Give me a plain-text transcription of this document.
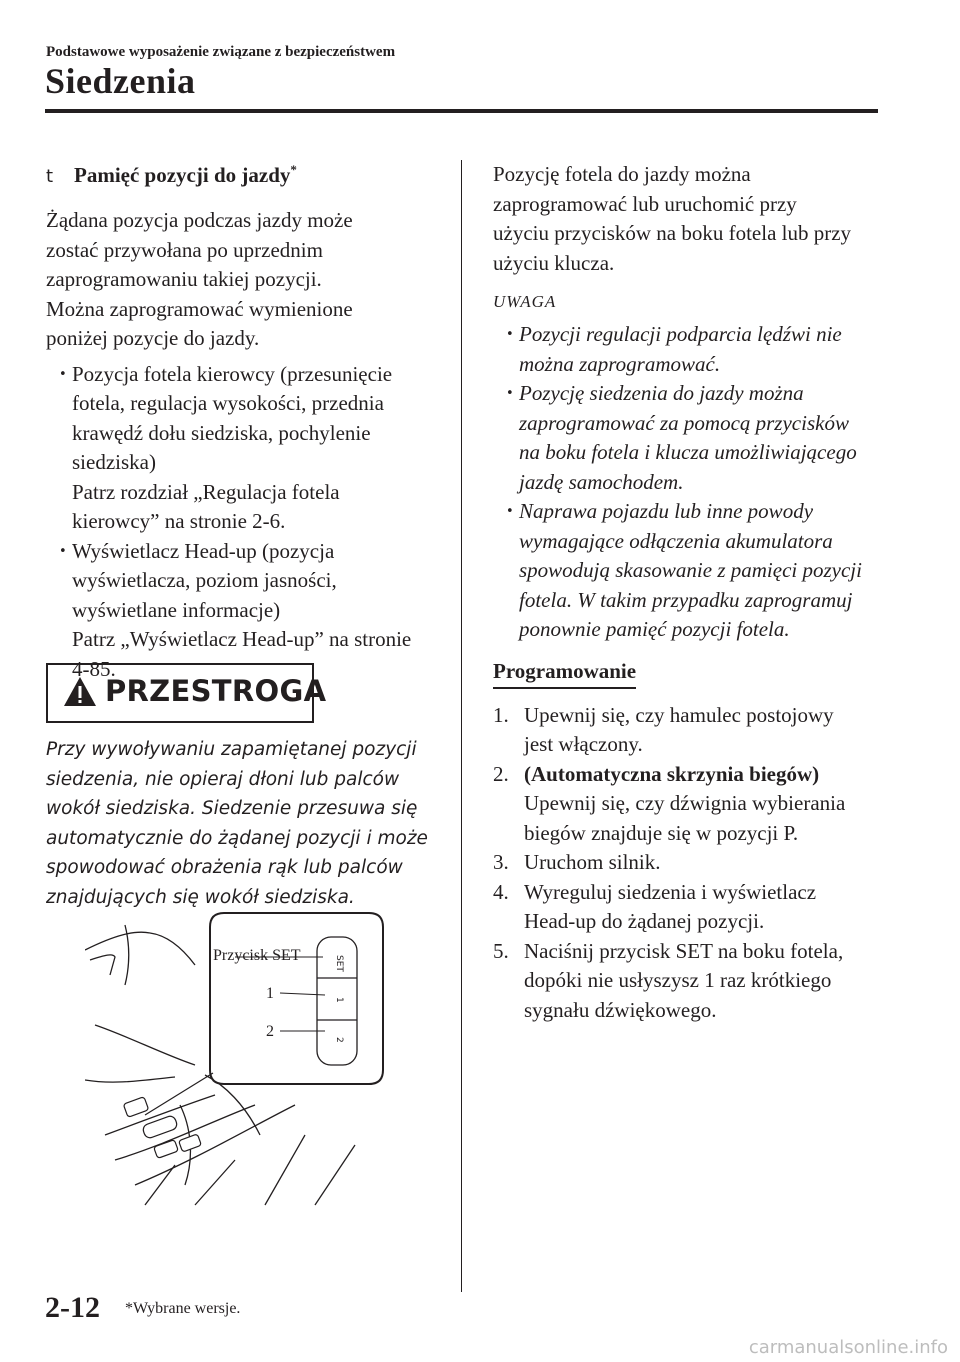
Podstawowe wyposażenie związane z bezpieczeństwem
Siedzenia
t Pamięć pozycji do jazdy*

Żądana pozycja podczas jazdy może

zostać przywołana po uprzednim

zaprogramowaniu takiej pozycji.

Można zaprogramować wymienione

poniżej pozycje do jazdy.

• Pozycja fotela kierowcy (przesunięcie
fotela, regulacja wysokości, przednia
krawędź dołu siedziska, pochylenie
siedziska)
Patrz rozdział „Regulacja fotela
kierowcy” na stronie 2-6.
• Wyświetlacz Head-up (pozycja
wyświetlacza, poziom jasności,
wyświetlane informacje)
Patrz „Wyświetlacz Head-up” na stronie
4-85.
PRZESTROGA
Przy wywoływaniu zapamiętanej pozycji
siedzenia, nie opieraj dłoni lub palców
wokół siedziska. Siedzenie przesuwa się
automatycznie do żądanej pozycji i może
spowodować obrażenia rąk lub palców
znajdujących się wokół siedziska.
SET
1
2
Przycisk SET
1
2

Pozycję fotela do jazdy można

zaprogramować lub uruchomić przy

użyciu przycisków na boku fotela lub przy

użyciu klucza.

UWAGA
• Pozycji regulacji podparcia lędźwi nie
można zaprogramować.
• Pozycję siedzenia do jazdy można
zaprogramować za pomocą przycisków
na boku fotela i klucza umożliwiającego
jazdę samochodem.
• Naprawa pojazdu lub inne powody
wymagające odłączenia akumulatora
spowodują skasowanie z pamięci pozycji
fotela. W takim przypadku zaprogramuj
ponownie pamięć pozycji fotela.
Programowanie
1. Upewnij się, czy hamulec postojowy
jest włączony.
2. (Automatyczna skrzynia biegów)
Upewnij się, czy dźwignia wybierania
biegów znajduje się w pozycji P.
3. Uruchom silnik.
4. Wyreguluj siedzenia i wyświetlacz
Head-up do żądanej pozycji.
5. Naciśnij przycisk SET na boku fotela,
dopóki nie usłyszysz 1 raz krótkiego
sygnału dźwiękowego.
2-12 *Wybrane wersje.
carmanualsonline.info
